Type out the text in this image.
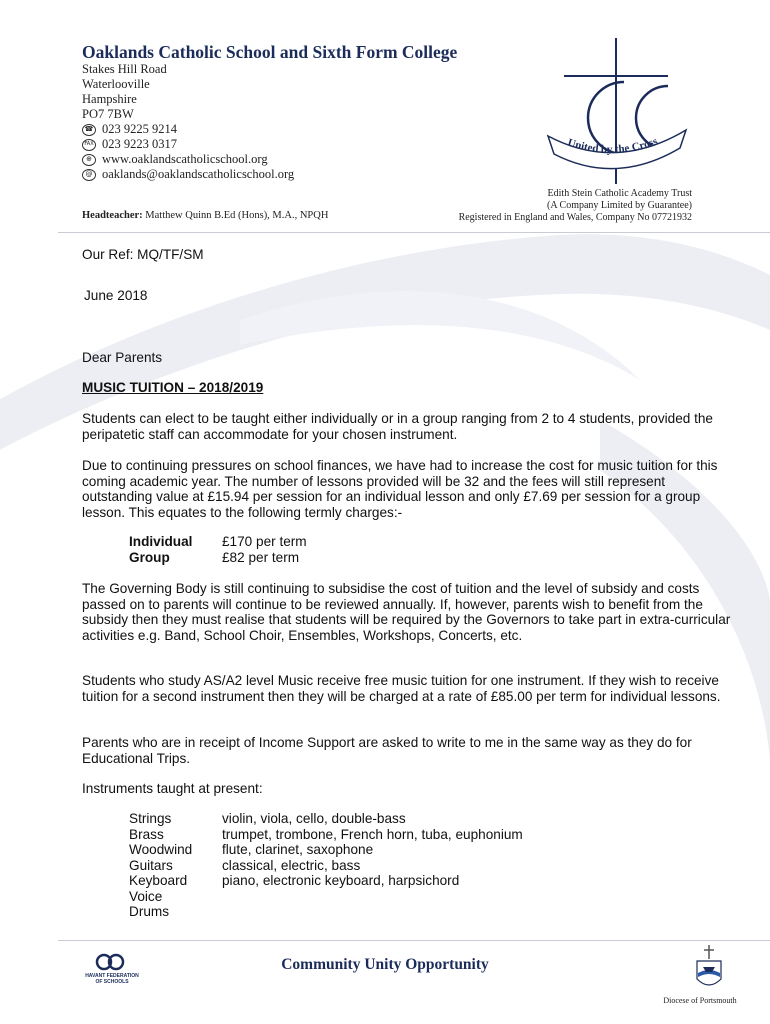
Oaklands Catholic School and Sixth Form College
Stakes Hill Road
Waterlooville
Hampshire
PO7 7BW
☎ 023 9225 9214
FAX 023 9223 0317
⊕ www.oaklandscatholicschool.org
@ oaklands@oaklandscatholicschool.org
Headteacher: Matthew Quinn B.Ed (Hons), M.A., NPQH
Edith Stein Catholic Academy Trust
(A Company Limited by Guarantee)
Registered in England and Wales, Company No 07721932
United by the Cross
Our Ref: MQ/TF/SM
June 2018
Dear Parents
MUSIC TUITION – 2018/2019
Students can elect to be taught either individually or in a group ranging from 2 to 4 students, provided the peripatetic staff can accommodate for your chosen instrument.
Due to continuing pressures on school finances, we have had to increase the cost for music tuition for this coming academic year. The number of lessons provided will be 32 and the fees will still represent outstanding value at £15.94 per session for an individual lesson and only £7.69 per session for a group lesson. This equates to the following termly charges:-
Individual	£170 per term
Group	£82 per term
The Governing Body is still continuing to subsidise the cost of tuition and the level of subsidy and costs passed on to parents will continue to be reviewed annually. If, however, parents wish to benefit from the subsidy then they must realise that students will be required by the Governors to take part in extra-curricular activities e.g. Band, School Choir, Ensembles, Workshops, Concerts, etc.
Students who study AS/A2 level Music receive free music tuition for one instrument. If they wish to receive tuition for a second instrument then they will be charged at a rate of £85.00 per term for individual lessons.
Parents who are in receipt of Income Support are asked to write to me in the same way as they do for Educational Trips.
Instruments taught at present:
Strings	violin, viola, cello, double-bass
Brass	trumpet, trombone, French horn, tuba, euphonium
Woodwind	flute, clarinet, saxophone
Guitars	classical, electric, bass
Keyboard	piano, electronic keyboard, harpsichord
Voice
Drums
HAVANT FEDERATION
OF SCHOOLS
Community Unity Opportunity
Diocese of Portsmouth
